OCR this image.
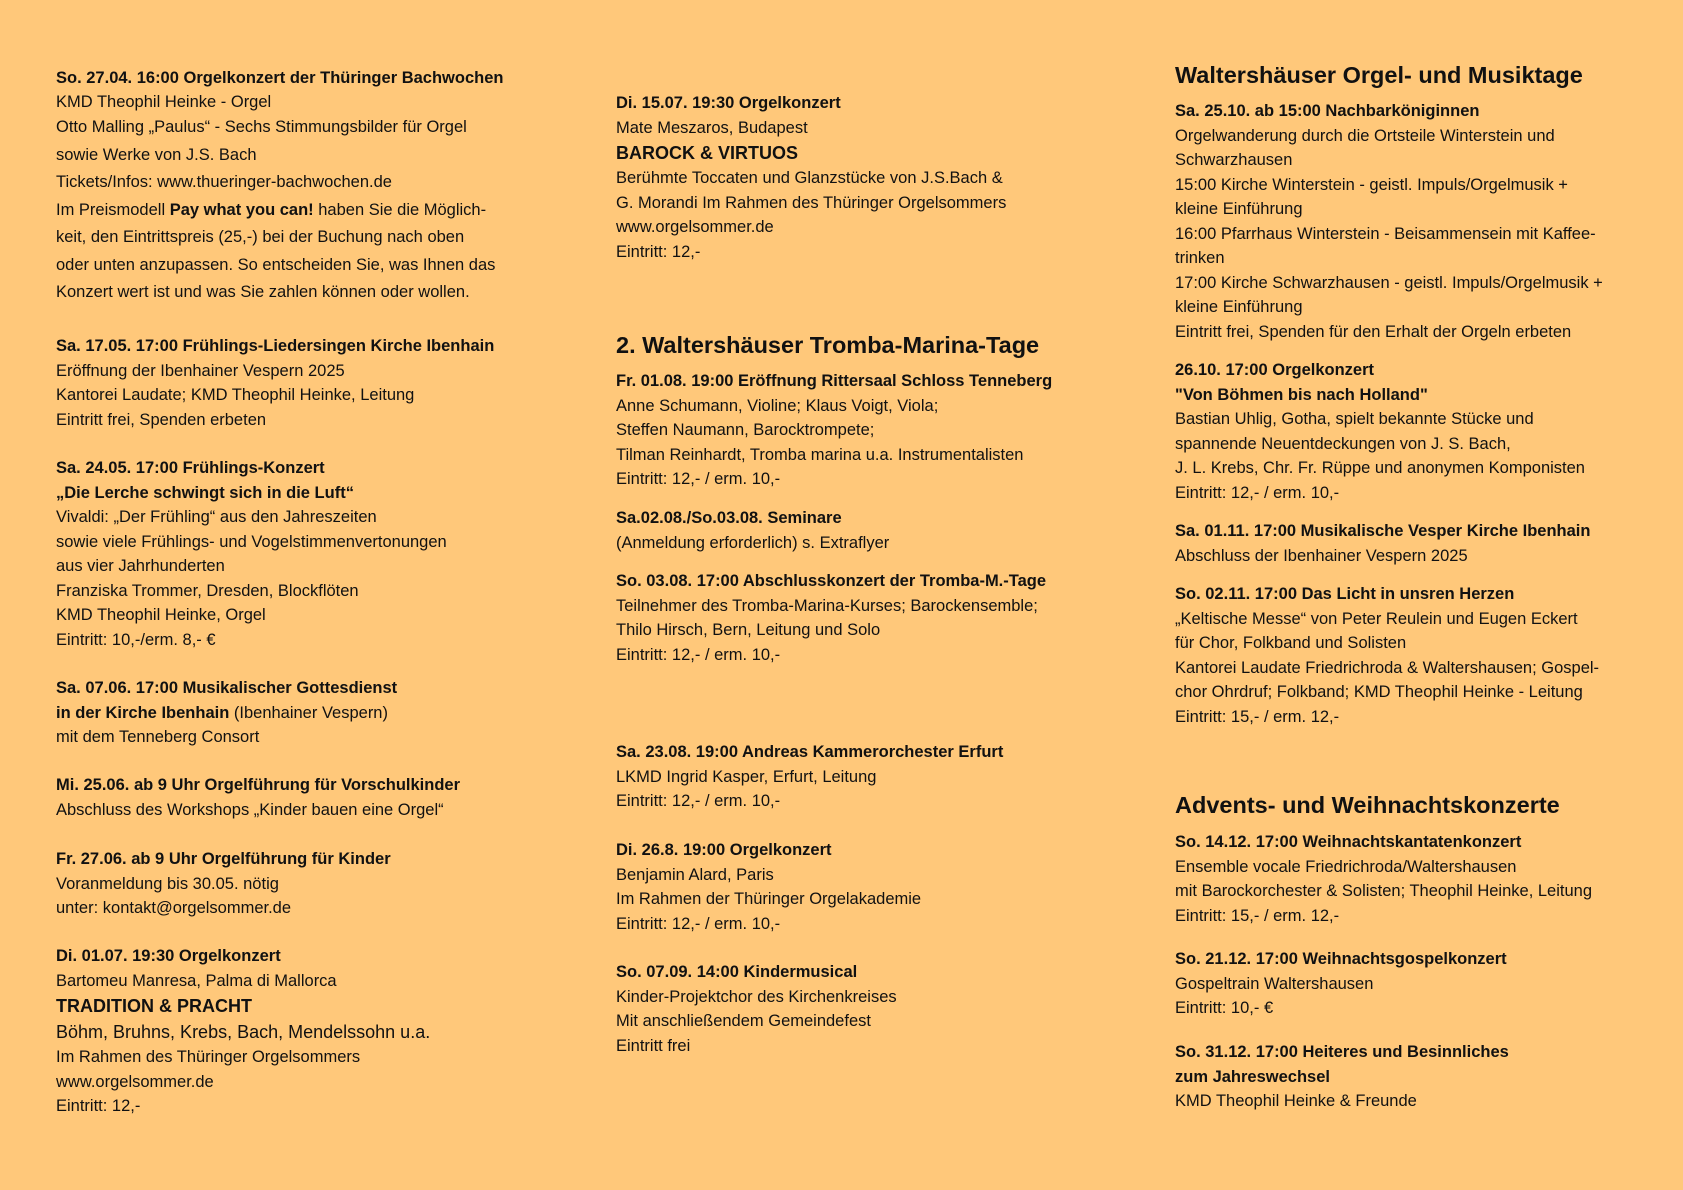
So. 27.04. 16:00 Orgelkonzert der Thüringer Bachwochen
KMD Theophil Heinke - Orgel
Otto Malling „Paulus“ - Sechs Stimmungsbilder für Orgel
sowie Werke von J.S. Bach
Tickets/Infos: www.thueringer-bachwochen.de
Im Preismodell Pay what you can! haben Sie die Möglich-
keit, den Eintrittspreis (25,-) bei der Buchung nach oben
oder unten anzupassen. So entscheiden Sie, was Ihnen das
Konzert wert ist und was Sie zahlen können oder wollen.
Sa. 17.05. 17:00 Frühlings-Liedersingen Kirche Ibenhain
Eröffnung der Ibenhainer Vespern 2025
Kantorei Laudate; KMD Theophil Heinke, Leitung
Eintritt frei, Spenden erbeten
Sa. 24.05. 17:00 Frühlings-Konzert
„Die Lerche schwingt sich in die Luft“
Vivaldi: „Der Frühling“ aus den Jahreszeiten
sowie viele Frühlings- und Vogelstimmenvertonungen
aus vier Jahrhunderten
Franziska Trommer, Dresden, Blockflöten
KMD Theophil Heinke, Orgel
Eintritt: 10,-/erm. 8,- €
Sa. 07.06. 17:00 Musikalischer Gottesdienst
in der Kirche Ibenhain (Ibenhainer Vespern)
mit dem Tenneberg Consort
Mi. 25.06. ab 9 Uhr Orgelführung für Vorschulkinder
Abschluss des Workshops „Kinder bauen eine Orgel“
Fr. 27.06. ab 9 Uhr Orgelführung für Kinder
Voranmeldung bis 30.05. nötig
unter: kontakt@orgelsommer.de
Di. 01.07. 19:30 Orgelkonzert
Bartomeu Manresa, Palma di Mallorca
TRADITION & PRACHT
Böhm, Bruhns, Krebs, Bach, Mendelssohn u.a.
Im Rahmen des Thüringer Orgelsommers
www.orgelsommer.de
Eintritt: 12,-
Di. 15.07. 19:30 Orgelkonzert
Mate Meszaros, Budapest
BAROCK & VIRTUOS
Berühmte Toccaten und Glanzstücke von J.S.Bach &
G. Morandi Im Rahmen des Thüringer Orgelsommers
www.orgelsommer.de
Eintritt: 12,-
2. Waltershäuser Tromba-Marina-Tage
Fr. 01.08. 19:00 Eröffnung Rittersaal Schloss Tenneberg
Anne Schumann, Violine; Klaus Voigt, Viola;
Steffen Naumann, Barocktrompete;
Tilman Reinhardt, Tromba marina u.a. Instrumentalisten
Eintritt: 12,- / erm. 10,-
Sa.02.08./So.03.08. Seminare
(Anmeldung erforderlich) s. Extraflyer
So. 03.08. 17:00 Abschlusskonzert der Tromba-M.-Tage
Teilnehmer des Tromba-Marina-Kurses; Barockensemble;
Thilo Hirsch, Bern, Leitung und Solo
Eintritt: 12,- / erm. 10,-
Sa. 23.08. 19:00 Andreas Kammerorchester Erfurt
LKMD Ingrid Kasper, Erfurt, Leitung
Eintritt: 12,- / erm. 10,-
Di. 26.8. 19:00 Orgelkonzert
Benjamin Alard, Paris
Im Rahmen der Thüringer Orgelakademie
Eintritt: 12,- / erm. 10,-
So. 07.09. 14:00 Kindermusical
Kinder-Projektchor des Kirchenkreises
Mit anschließendem Gemeindefest
Eintritt frei
Waltershäuser Orgel- und Musiktage
Sa. 25.10. ab 15:00 Nachbarköniginnen
Orgelwanderung durch die Ortsteile Winterstein und
Schwarzhausen
15:00 Kirche Winterstein - geistl. Impuls/Orgelmusik +
kleine Einführung
16:00 Pfarrhaus Winterstein - Beisammensein mit Kaffee-
trinken
17:00 Kirche Schwarzhausen - geistl. Impuls/Orgelmusik +
kleine Einführung
Eintritt frei, Spenden für den Erhalt der Orgeln erbeten
26.10. 17:00 Orgelkonzert
"Von Böhmen bis nach Holland"
Bastian Uhlig, Gotha, spielt bekannte Stücke und
spannende Neuentdeckungen von J. S. Bach,
J. L. Krebs, Chr. Fr. Rüppe und anonymen Komponisten
Eintritt: 12,- / erm. 10,-
Sa. 01.11. 17:00 Musikalische Vesper Kirche Ibenhain
Abschluss der Ibenhainer Vespern 2025
So. 02.11. 17:00 Das Licht in unsren Herzen
„Keltische Messe“ von Peter Reulein und Eugen Eckert
für Chor, Folkband und Solisten
Kantorei Laudate Friedrichroda & Waltershausen; Gospel-
chor Ohrdruf; Folkband; KMD Theophil Heinke - Leitung
Eintritt: 15,- / erm. 12,-
Advents- und Weihnachtskonzerte
So. 14.12. 17:00 Weihnachtskantatenkonzert
Ensemble vocale Friedrichroda/Waltershausen
mit Barockorchester & Solisten; Theophil Heinke, Leitung
Eintritt: 15,- / erm. 12,-
So. 21.12. 17:00 Weihnachtsgospelkonzert
Gospeltrain Waltershausen
Eintritt: 10,- €
So. 31.12. 17:00 Heiteres und Besinnliches
zum Jahreswechsel
KMD Theophil Heinke & Freunde
